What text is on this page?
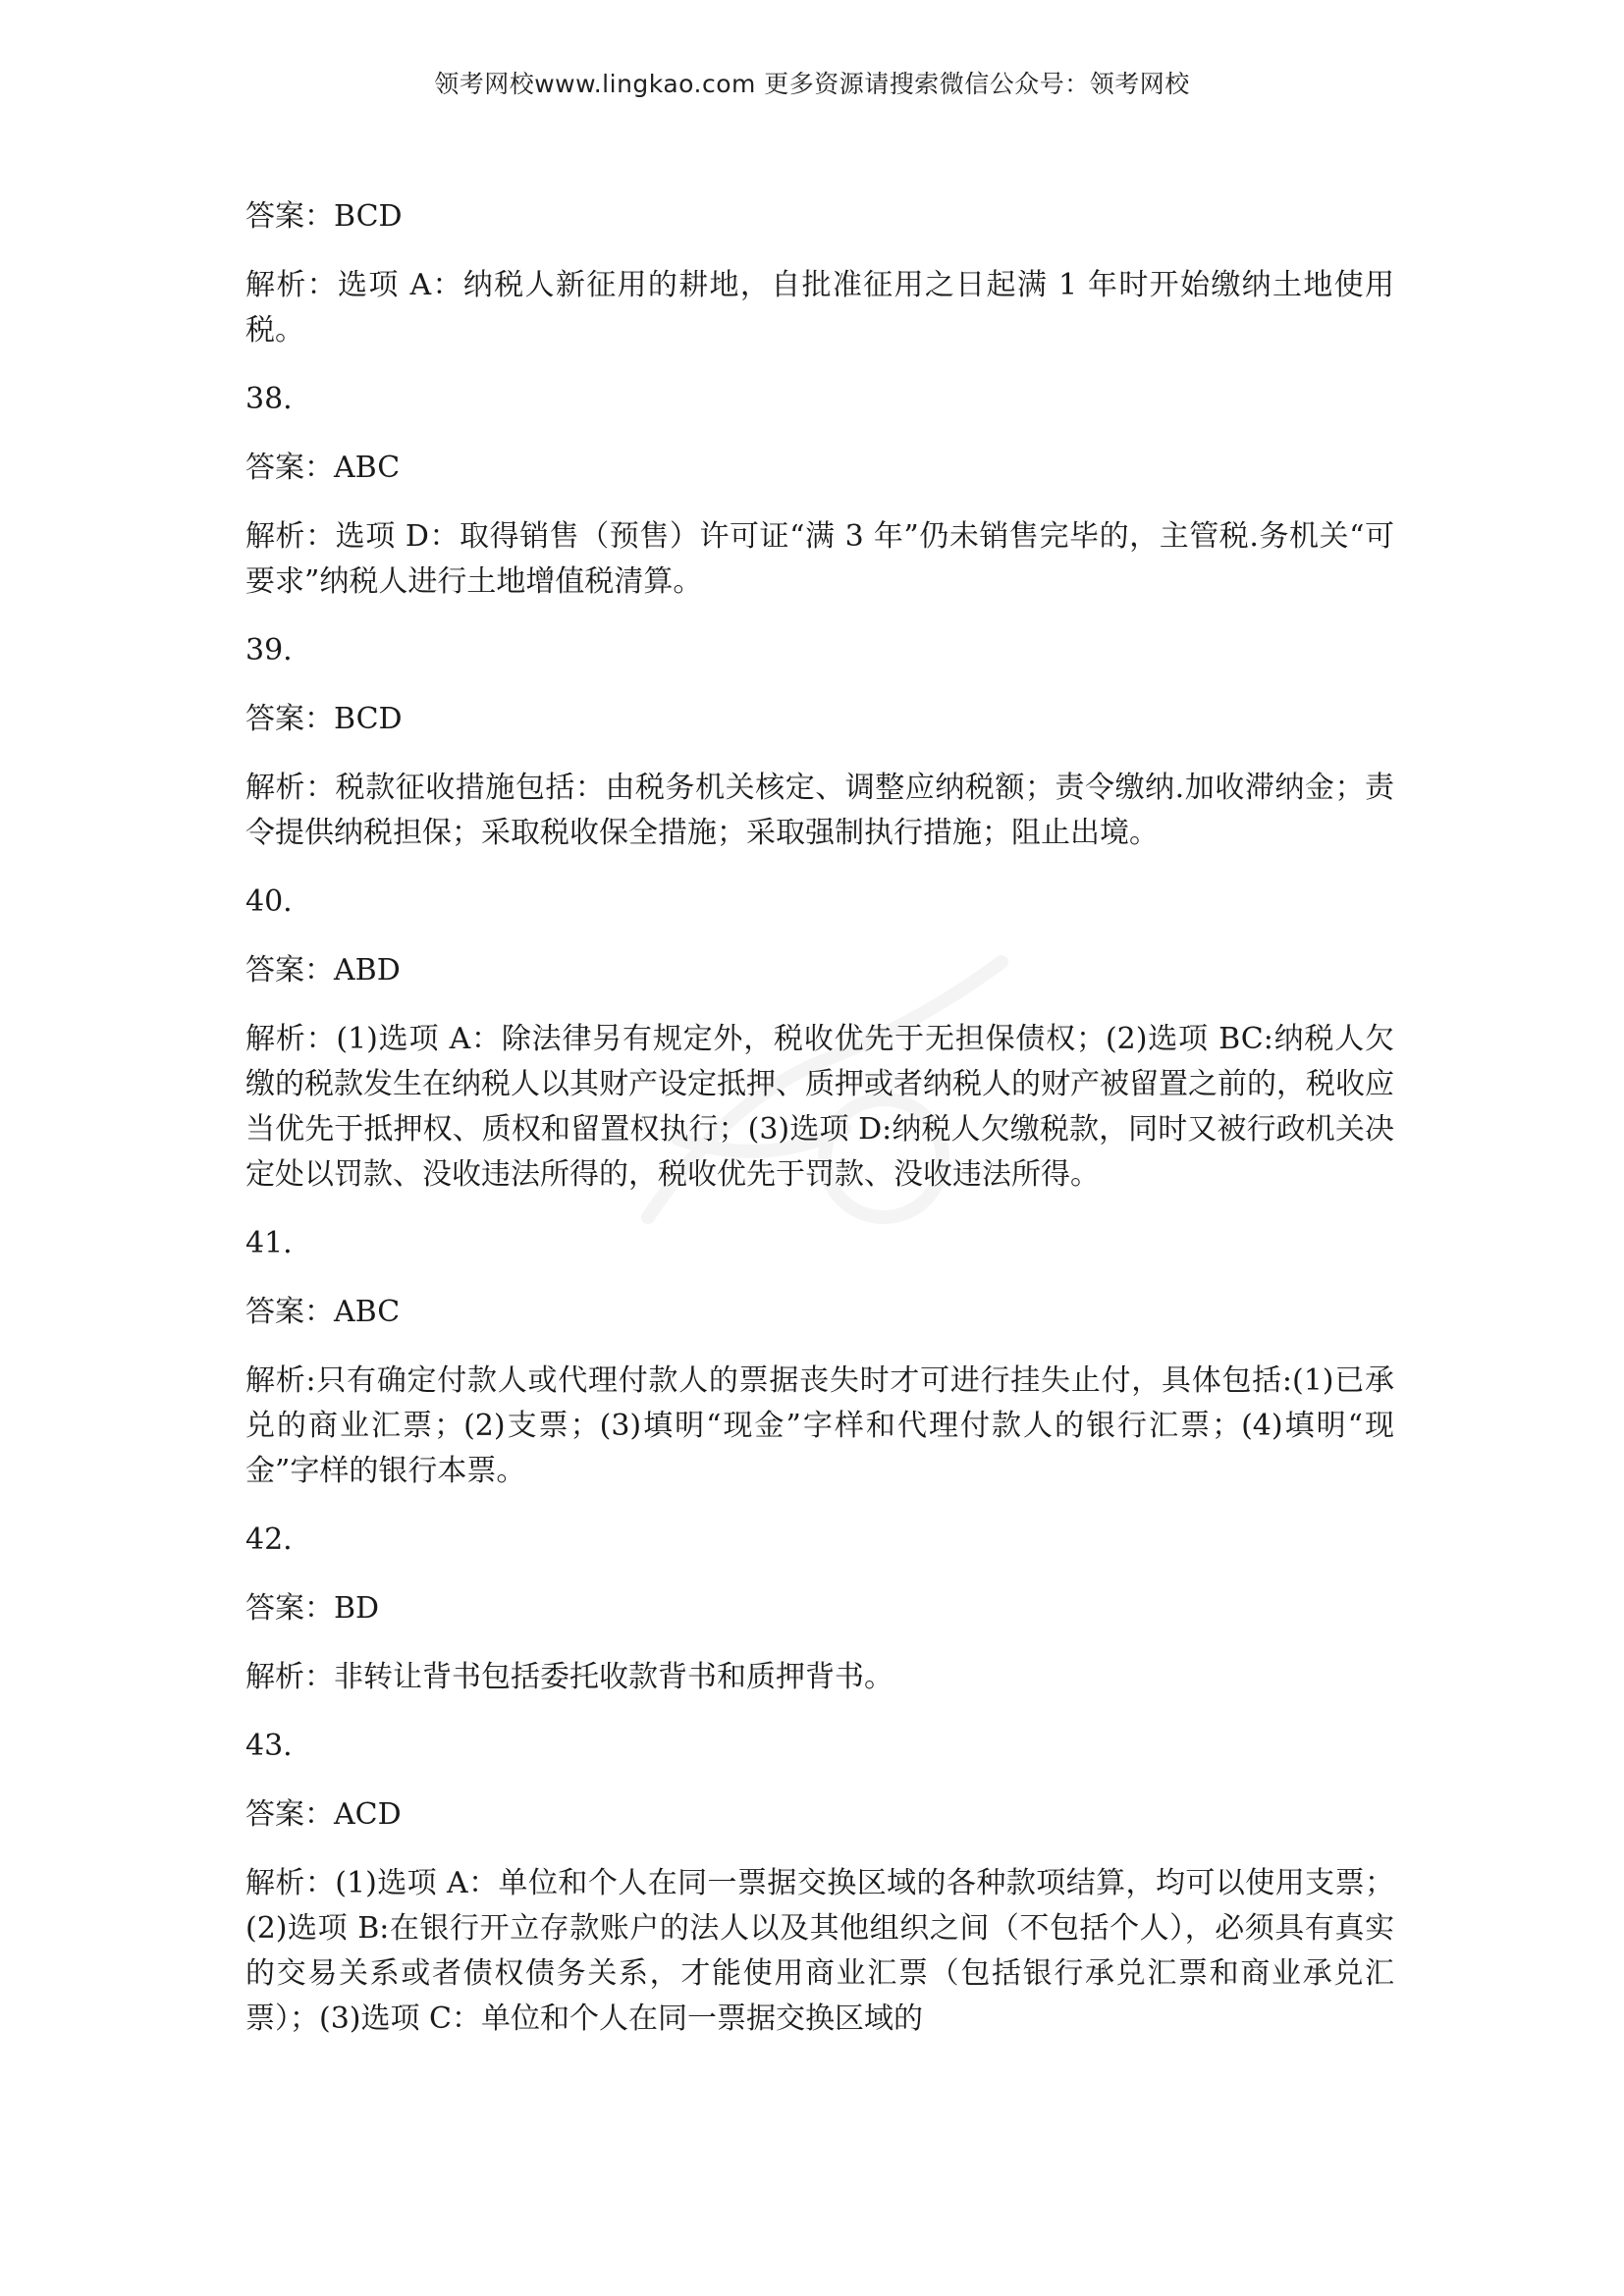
领考网校www.lingkao.com 更多资源请搜索微信公众号：领考网校

答案：BCD

解析：选项 A：纳税人新征用的耕地，自批准征用之日起满 1 年时开始缴纳土地使用税。

38.

答案：ABC

解析：选项 D：取得销售（预售）许可证“满 3 年”仍未销售完毕的，主管税.务机关“可要求”纳税人进行土地增值税清算。

39.

答案：BCD

解析：税款征收措施包括：由税务机关核定、调整应纳税额；责令缴纳.加收滞纳金；责令提供纳税担保；采取税收保全措施；采取强制执行措施；阻止出境。

40.

答案：ABD

解析：(1)选项 A：除法律另有规定外，税收优先于无担保债权；(2)选项 BC:纳税人欠缴的税款发生在纳税人以其财产设定抵押、质押或者纳税人的财产被留置之前的，税收应当优先于抵押权、质权和留置权执行；(3)选项 D:纳税人欠缴税款，同时又被行政机关决定处以罚款、没收违法所得的，税收优先于罚款、没收违法所得。

41.

答案：ABC

解析:只有确定付款人或代理付款人的票据丧失时才可进行挂失止付，具体包括:(1)已承兑的商业汇票；(2)支票；(3)填明“现金”字样和代理付款人的银行汇票；(4)填明“现金”字样的银行本票。

42.

答案：BD

解析：非转让背书包括委托收款背书和质押背书。

43.

答案：ACD

解析：(1)选项 A：单位和个人在同一票据交换区域的各种款项结算，均可以使用支票；(2)选项 B:在银行开立存款账户的法人以及其他组织之间（不包括个人），必须具有真实的交易关系或者债权债务关系，才能使用商业汇票（包括银行承兑汇票和商业承兑汇票）；(3)选项 C：单位和个人在同一票据交换区域的
